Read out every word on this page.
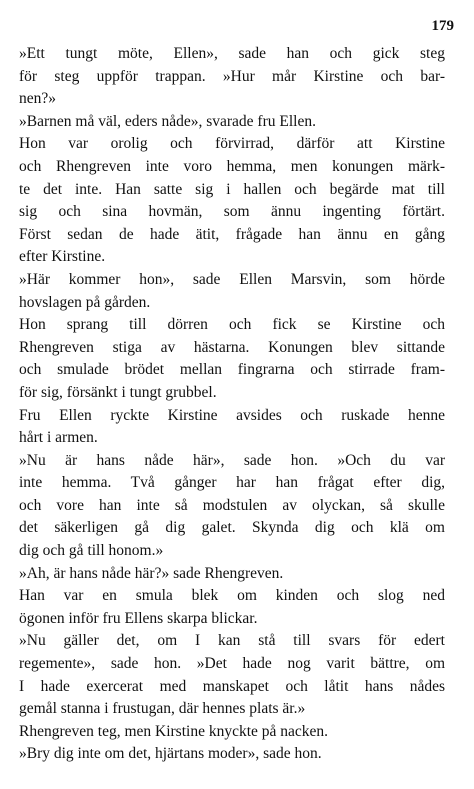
179
»Ett tungt möte, Ellen», sade han och gick steg
för steg uppför trappan. »Hur mår Kirstine och bar-
nen?»
»Barnen må väl, eders nåde», svarade fru Ellen.
Hon var orolig och förvirrad, därför att Kirstine
och Rhengreven inte voro hemma, men konungen märk-
te det inte. Han satte sig i hallen och begärde mat till
sig och sina hovmän, som ännu ingenting förtärt.
Först sedan de hade ätit, frågade han ännu en gång
efter Kirstine.
»Här kommer hon», sade Ellen Marsvin, som hörde
hovslagen på gården.
Hon sprang till dörren och fick se Kirstine och
Rhengreven stiga av hästarna. Konungen blev sittande
och smulade brödet mellan fingrarna och stirrade fram-
för sig, försänkt i tungt grubbel.
Fru Ellen ryckte Kirstine avsides och ruskade henne
hårt i armen.
»Nu är hans nåde här», sade hon. »Och du var
inte hemma. Två gånger har han frågat efter dig,
och vore han inte så modstulen av olyckan, så skulle
det säkerligen gå dig galet. Skynda dig och klä om
dig och gå till honom.»
»Ah, är hans nåde här?» sade Rhengreven.
Han var en smula blek om kinden och slog ned
ögonen inför fru Ellens skarpa blickar.
»Nu gäller det, om I kan stå till svars för edert
regemente», sade hon. »Det hade nog varit bättre, om
I hade exercerat med manskapet och låtit hans nådes
gemål stanna i frustugan, där hennes plats är.»
Rhengreven teg, men Kirstine knyckte på nacken.
»Bry dig inte om det, hjärtans moder», sade hon.
